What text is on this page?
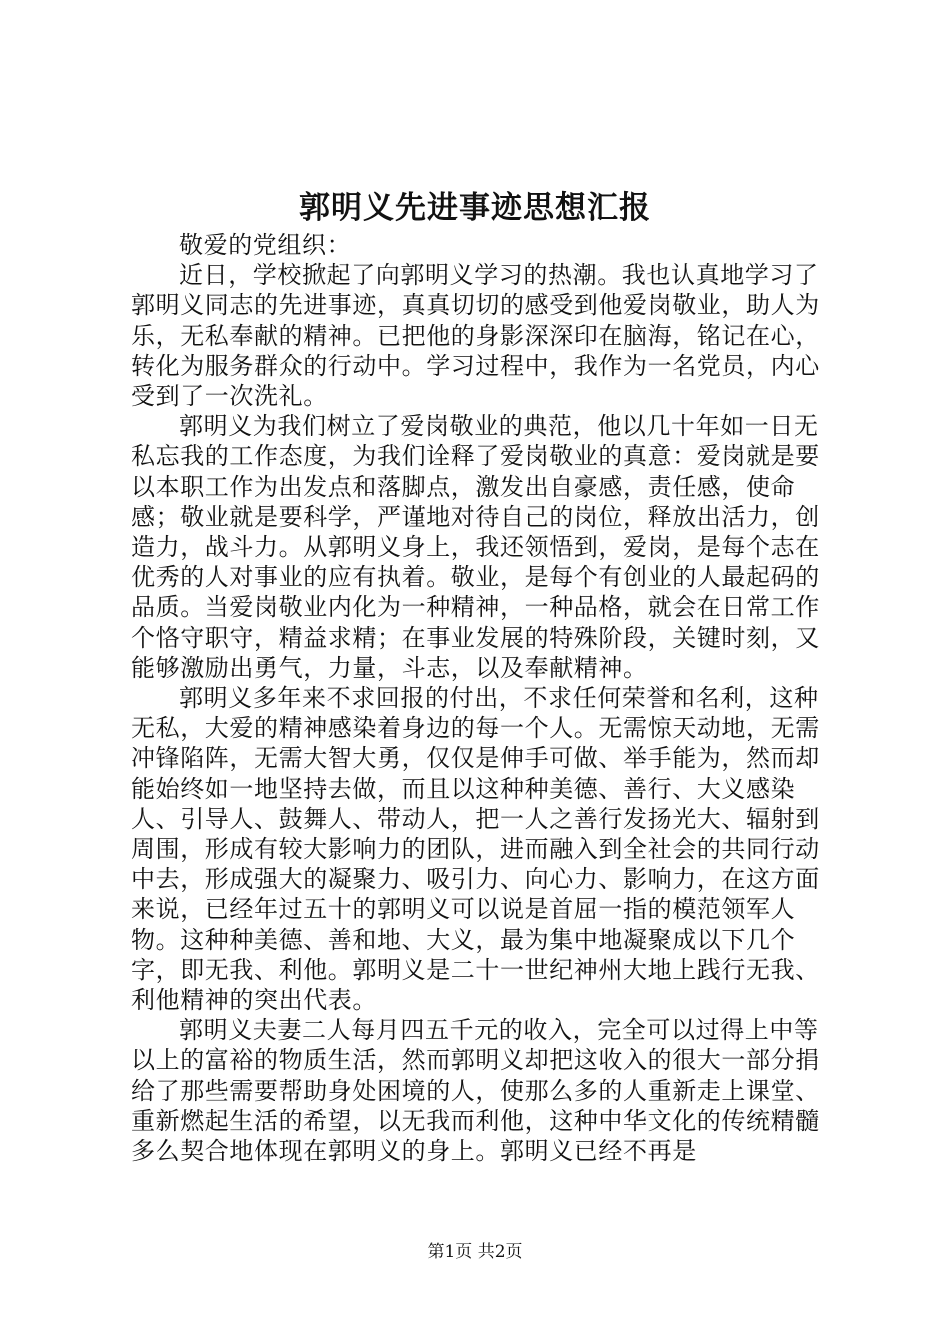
郭明义先进事迹思想汇报

敬爱的党组织：

近日，学校掀起了向郭明义学习的热潮。我也认真地学习了郭明义同志的先进事迹，真真切切的感受到他爱岗敬业，助人为乐，无私奉献的精神。已把他的身影深深印在脑海，铭记在心，转化为服务群众的行动中。学习过程中，我作为一名党员，内心受到了一次洗礼。

郭明义为我们树立了爱岗敬业的典范，他以几十年如一日无私忘我的工作态度，为我们诠释了爱岗敬业的真意：爱岗就是要以本职工作为出发点和落脚点，激发出自豪感，责任感，使命感；敬业就是要科学，严谨地对待自己的岗位，释放出活力，创造力，战斗力。从郭明义身上，我还领悟到，爱岗，是每个志在优秀的人对事业的应有执着。敬业，是每个有创业的人最起码的品质。当爱岗敬业内化为一种精神，一种品格，就会在日常工作个恪守职守，精益求精；在事业发展的特殊阶段，关键时刻，又能够激励出勇气，力量，斗志，以及奉献精神。

郭明义多年来不求回报的付出，不求任何荣誉和名利，这种无私，大爱的精神感染着身边的每一个人。无需惊天动地，无需冲锋陷阵，无需大智大勇，仅仅是伸手可做、举手能为，然而却能始终如一地坚持去做，而且以这种种美德、善行、大义感染人、引导人、鼓舞人、带动人，把一人之善行发扬光大、辐射到周围，形成有较大影响力的团队，进而融入到全社会的共同行动中去，形成强大的凝聚力、吸引力、向心力、影响力，在这方面来说，已经年过五十的郭明义可以说是首屈一指的模范领军人物。这种种美德、善和地、大义，最为集中地凝聚成以下几个字，即无我、利他。郭明义是二十一世纪神州大地上践行无我、利他精神的突出代表。

郭明义夫妻二人每月四五千元的收入，完全可以过得上中等以上的富裕的物质生活，然而郭明义却把这收入的很大一部分捐给了那些需要帮助身处困境的人，使那么多的人重新走上课堂、重新燃起生活的希望，以无我而利他，这种中华文化的传统精髓多么契合地体现在郭明义的身上。郭明义已经不再是

第1页 共2页
